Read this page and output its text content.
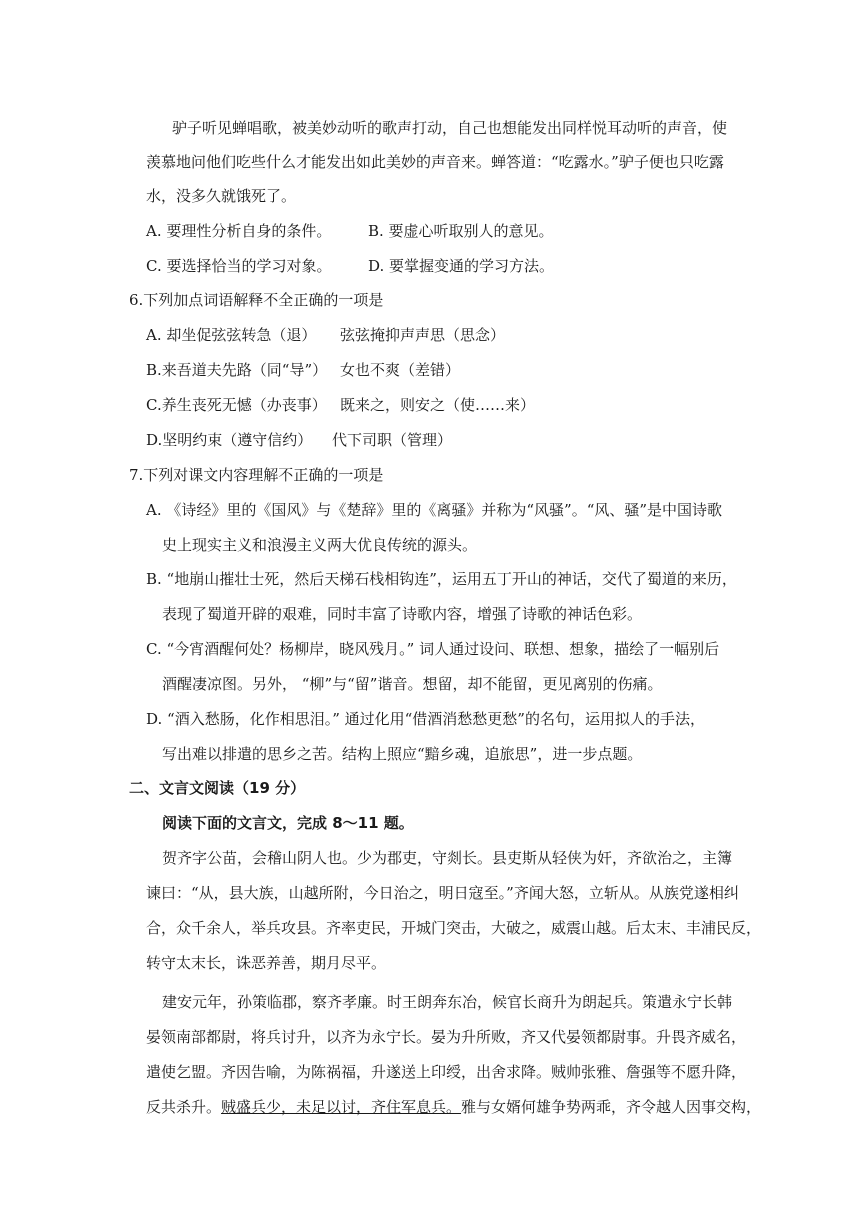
驴子听见蝉唱歌，被美妙动听的歌声打动，自己也想能发出同样悦耳动听的声音，使
羡慕地问他们吃些什么才能发出如此美妙的声音来。蝉答道：“吃露水。”驴子便也只吃露
水，没多久就饿死了。
A. 要理性分析自身的条件。 B. 要虚心听取别人的意见。
C. 要选择恰当的学习对象。 D. 要掌握变通的学习方法。
6.下列加点词语解释不全正确的一项是
A. 却坐促弦弦转急（退） 弦弦掩抑声声思（思念）
B.来吾道夫先路（同“导”） 女也不爽（差错）
C.养生丧死无憾（办丧事） 既来之，则安之（使……来）
D.坚明约束（遵守信约） 代下司职（管理）
7.下列对课文内容理解不正确的一项是
A. 《诗经》里的《国风》与《楚辞》里的《离骚》并称为“风骚”。“风、骚”是中国诗歌
史上现实主义和浪漫主义两大优良传统的源头。
B. “地崩山摧壮士死，然后天梯石栈相钩连”，运用五丁开山的神话，交代了蜀道的来历，
表现了蜀道开辟的艰难，同时丰富了诗歌内容，增强了诗歌的神话色彩。
C. “今宵酒醒何处？杨柳岸，晓风残月。” 词人通过设问、联想、想象，描绘了一幅别后
酒醒凄凉图。另外， “柳”与“留”谐音。想留，却不能留，更见离别的伤痛。
D. “酒入愁肠，化作相思泪。” 通过化用“借酒消愁愁更愁”的名句，运用拟人的手法，
写出难以排遣的思乡之苦。结构上照应“黯乡魂，追旅思”，进一步点题。
二、文言文阅读（19 分）
阅读下面的文言文，完成 8～11 题。
贺齐字公苗，会稽山阴人也。少为郡吏，守剡长。县吏斯从轻侠为奸，齐欲治之，主簿
谏曰：“从，县大族，山越所附，今日治之，明日寇至。”齐闻大怒，立斩从。从族党遂相纠
合，众千余人，举兵攻县。齐率吏民，开城门突击，大破之，威震山越。后太末、丰浦民反，
转守太末长，诛恶养善，期月尽平。
建安元年，孙策临郡，察齐孝廉。时王朗奔东冶，候官长商升为朗起兵。策遣永宁长韩
晏领南部都尉，将兵讨升，以齐为永宁长。晏为升所败，齐又代晏领都尉事。升畏齐威名，
遣使乞盟。齐因告喻，为陈祸福，升遂送上印绶，出舍求降。贼帅张雅、詹强等不愿升降，
反共杀升。贼盛兵少，未足以讨，齐住军息兵。雅与女婿何雄争势两乖，齐令越人因事交构，
